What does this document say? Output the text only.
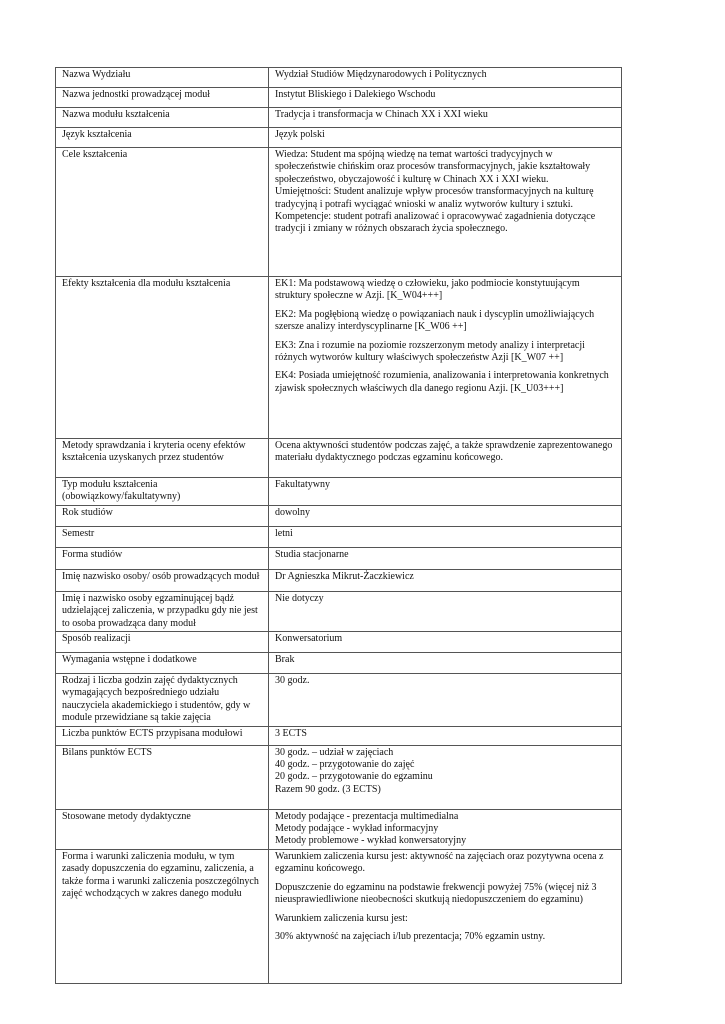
Nazwa Wydziału	Wydział Studiów Międzynarodowych i Politycznych

Nazwa jednostki prowadzącej moduł	Instytut Bliskiego i Dalekiego Wschodu

Nazwa modułu kształcenia	Tradycja i transformacja w Chinach XX i XXI wieku

Język kształcenia	Język polski

Cele kształcenia	Wiedza: Student ma spójną wiedzę na temat wartości tradycyjnych w społeczeństwie chińskim oraz procesów transformacyjnych, jakie kształtowały społeczeństwo, obyczajowość i kulturę w Chinach XX i XXI wieku.
Umiejętności: Student analizuje wpływ procesów transformacyjnych na kulturę tradycyjną i potrafi wyciągać wnioski w analiz wytworów kultury i sztuki.
Kompetencje: student potrafi analizować i opracowywać zagadnienia dotyczące tradycji i zmiany w różnych obszarach życia społecznego.

Efekty kształcenia dla modułu kształcenia	EK1: Ma podstawową wiedzę o człowieku, jako podmiocie konstytuującym struktury społeczne w Azji. [K_W04+++]
EK2: Ma pogłębioną wiedzę o powiązaniach nauk i dyscyplin umożliwiających szersze analizy interdyscyplinarne [K_W06 ++]
EK3: Zna i rozumie na poziomie rozszerzonym metody analizy i interpretacji różnych wytworów kultury właściwych społeczeństw Azji [K_W07 ++]
EK4: Posiada umiejętność rozumienia, analizowania i interpretowania konkretnych zjawisk społecznych właściwych dla danego regionu Azji. [K_U03+++]

Metody sprawdzania i kryteria oceny efektów kształcenia uzyskanych przez studentów	Ocena aktywności studentów podczas zajęć, a także sprawdzenie zaprezentowanego materiału dydaktycznego podczas egzaminu końcowego.

Typ modułu kształcenia (obowiązkowy/fakultatywny)	Fakultatywny

Rok studiów	dowolny

Semestr	letni

Forma studiów	Studia stacjonarne

Imię nazwisko osoby/ osób prowadzących moduł	Dr Agnieszka Mikrut-Żaczkiewicz

Imię i nazwisko osoby egzaminującej bądź udzielającej zaliczenia, w przypadku gdy nie jest to osoba prowadząca dany moduł	Nie dotyczy

Sposób realizacji	Konwersatorium

Wymagania wstępne i dodatkowe	Brak

Rodzaj i liczba godzin zajęć dydaktycznych wymagających bezpośredniego udziału nauczyciela akademickiego i studentów, gdy w module przewidziane są takie zajęcia	30 godz.

Liczba punktów ECTS przypisana modułowi	3 ECTS

Bilans punktów ECTS	30 godz. – udział w zajęciach
40 godz. – przygotowanie do zajęć
20 godz. – przygotowanie do egzaminu
Razem 90 godz. (3 ECTS)

Stosowane metody dydaktyczne	Metody podające - prezentacja multimedialna
Metody podające - wykład informacyjny
Metody problemowe - wykład konwersatoryjny

Forma i warunki zaliczenia modułu, w tym zasady dopuszczenia do egzaminu, zaliczenia, a także forma i warunki zaliczenia poszczególnych zajęć wchodzących w zakres danego modułu	Warunkiem zaliczenia kursu jest: aktywność na zajęciach oraz pozytywna ocena z egzaminu końcowego.
Dopuszczenie do egzaminu na podstawie frekwencji powyżej 75% (więcej niż 3 nieusprawiedliwione nieobecności skutkują niedopuszczeniem do egzaminu)
Warunkiem zaliczenia kursu jest:
30% aktywność na zajęciach i/lub prezentacja; 70% egzamin ustny.
